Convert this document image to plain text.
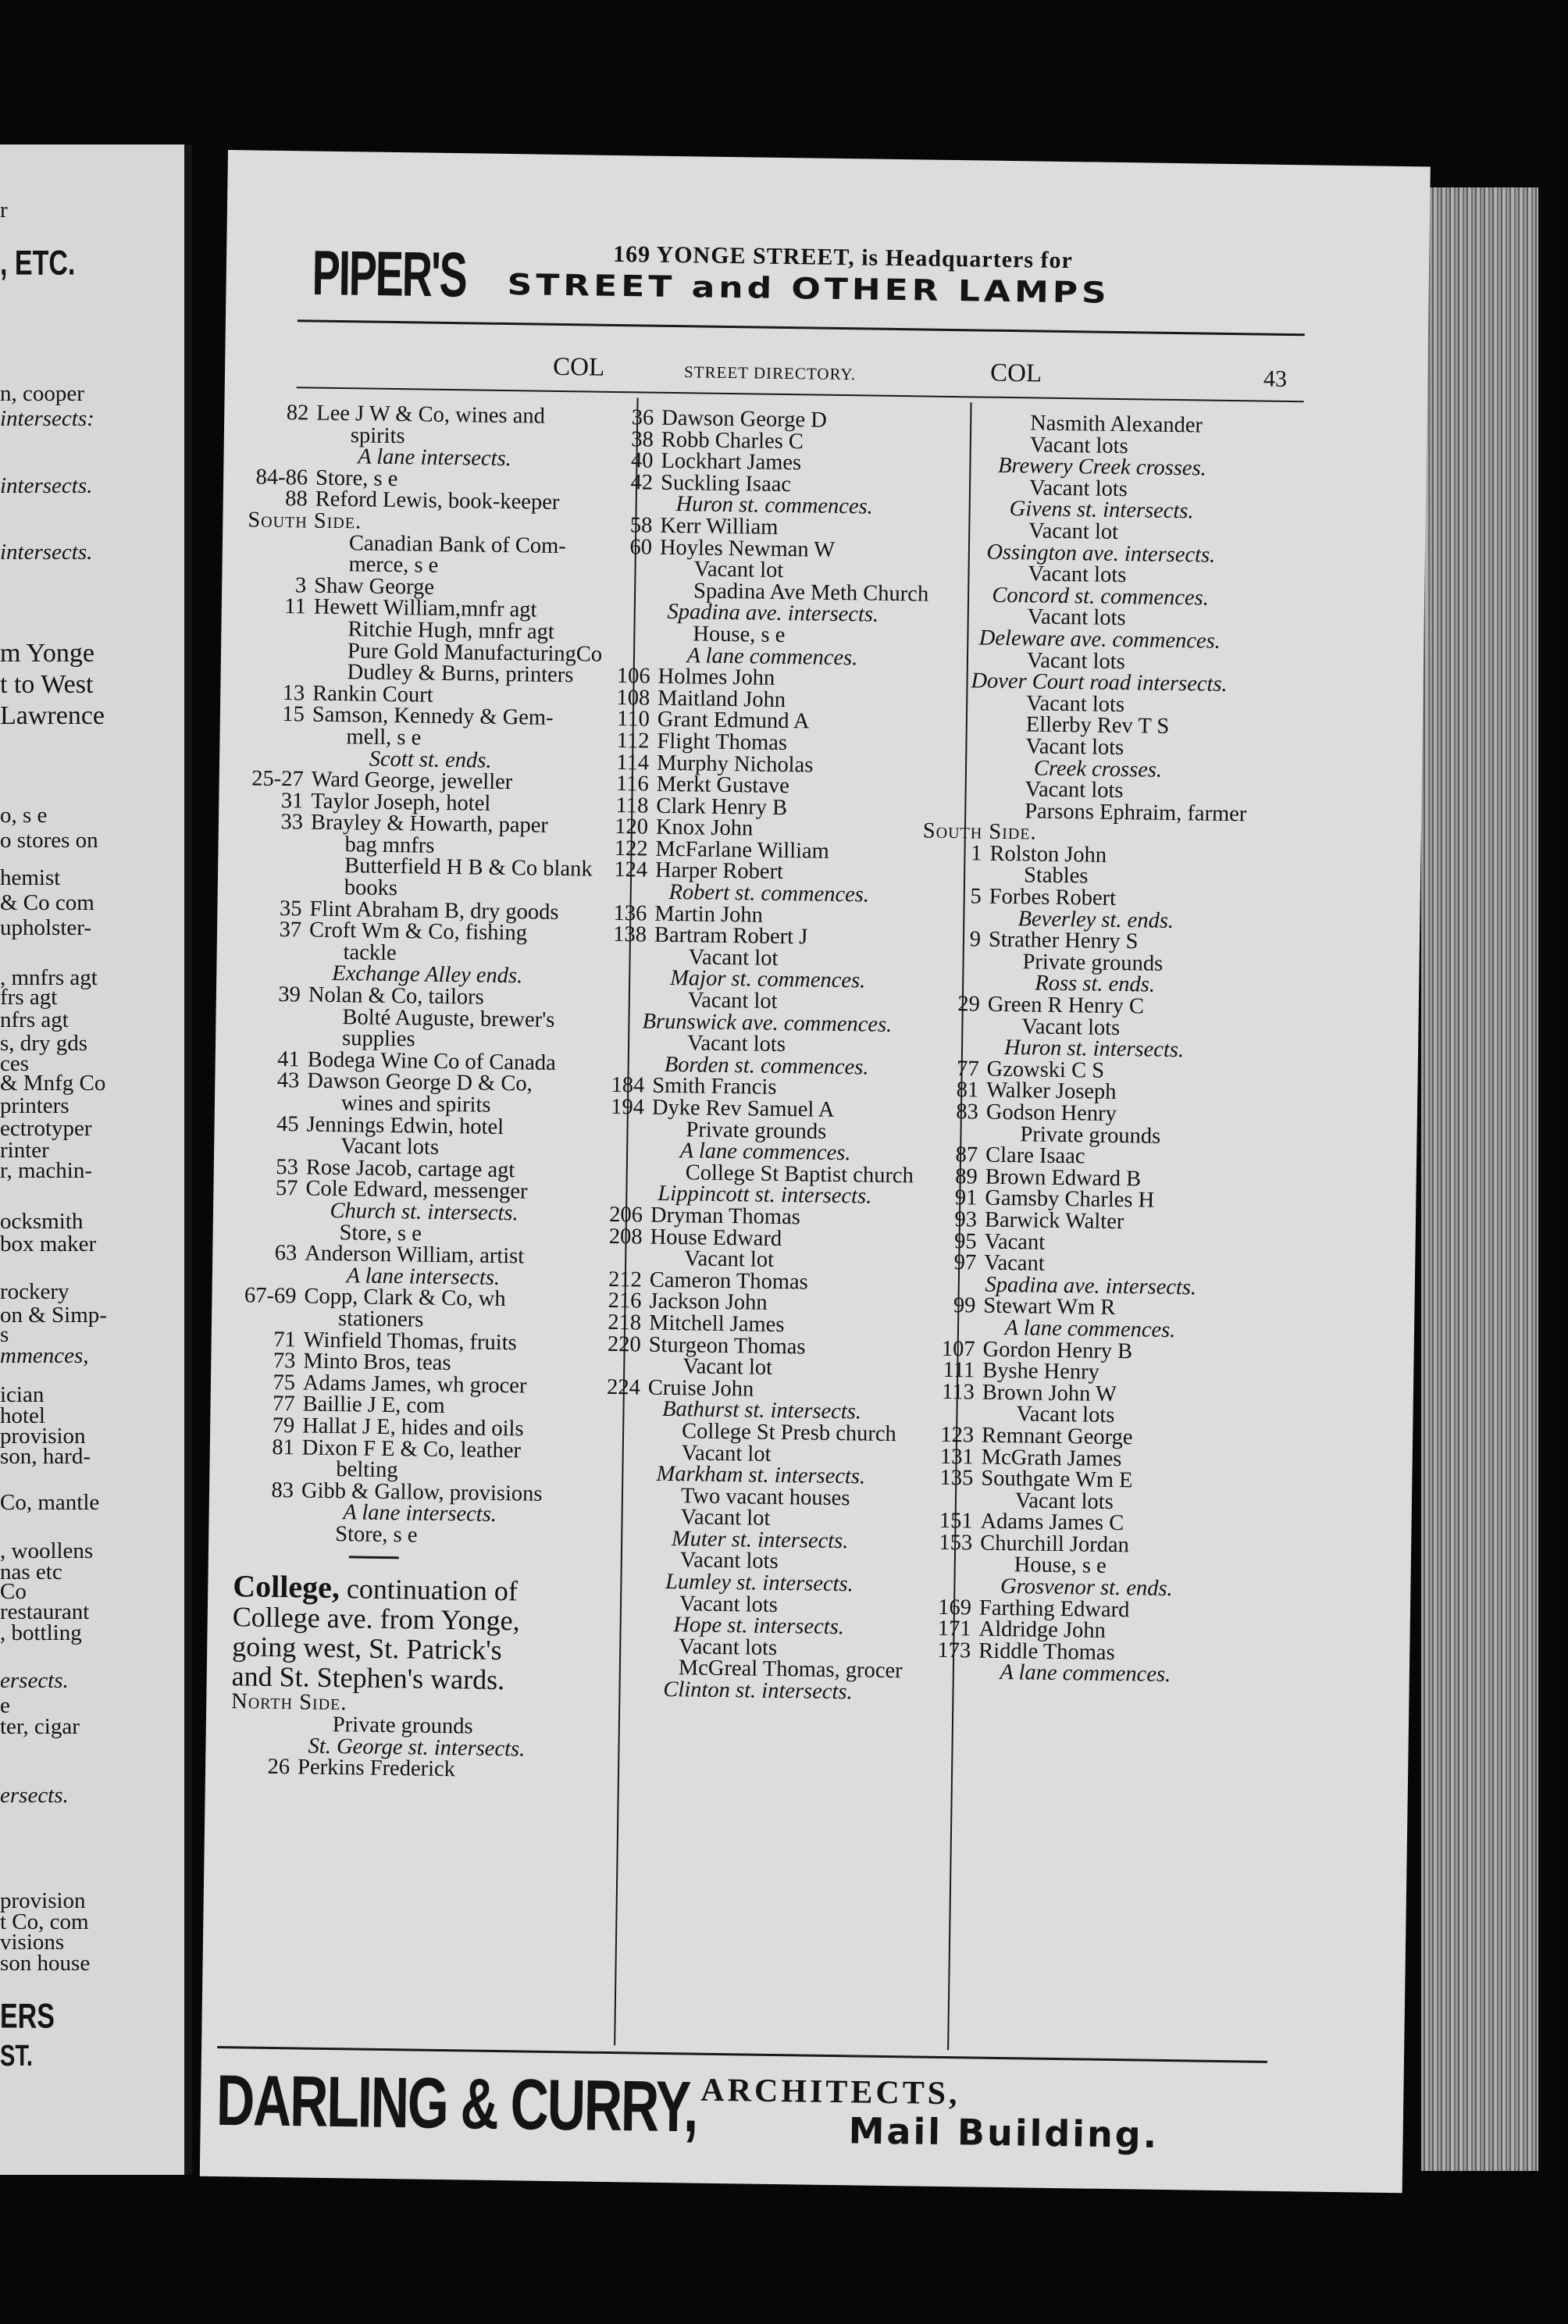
r
, ETC.
n, cooper
intersects:
intersects.
intersects.
m Yonge
t to West
Lawrence
o, s e
o stores on
hemist
& Co com
upholster-
, mnfrs agt
frs agt
nfrs agt
s, dry gds
ces
& Mnfg Co
printers
ectrotyper
rinter
r, machin-
ocksmith
box maker
rockery
on & Simp-
s
mmences,
ician
hotel
provision
son, hard-
Co, mantle
, woollens
nas etc
Co
restaurant
, bottling
ersects.
e
ter, cigar
ersects.
provision
t Co, com
visions
son house
ERS
ST.
PIPER'S	169 YONGE STREET, is Headquarters for
STREET and OTHER LAMPS
COL	STREET DIRECTORY.	COL	43
82 Lee J W & Co, wines and
spirits
A lane intersects.
84-86 Store, s e
88 Reford Lewis, book-keeper
South Side.
Canadian Bank of Com-
merce, s e
3 Shaw George
11 Hewett William,mnfr agt
Ritchie Hugh, mnfr agt
Pure Gold ManufacturingCo
Dudley & Burns, printers
13 Rankin Court
15 Samson, Kennedy & Gem-
mell, s e
Scott st. ends.
25-27 Ward George, jeweller
31 Taylor Joseph, hotel
33 Brayley & Howarth, paper
bag mnfrs
Butterfield H B & Co blank
books
35 Flint Abraham B, dry goods
37 Croft Wm & Co, fishing
tackle
Exchange Alley ends.
39 Nolan & Co, tailors
Bolté Auguste, brewer's
supplies
41 Bodega Wine Co of Canada
43 Dawson George D & Co,
wines and spirits
45 Jennings Edwin, hotel
Vacant lots
53 Rose Jacob, cartage agt
57 Cole Edward, messenger
Church st. intersects.
Store, s e
63 Anderson William, artist
A lane intersects.
67-69 Copp, Clark & Co, wh
stationers
71 Winfield Thomas, fruits
73 Minto Bros, teas
75 Adams James, wh grocer
77 Baillie J E, com
79 Hallat J E, hides and oils
81 Dixon F E & Co, leather
belting
83 Gibb & Gallow, provisions
A lane intersects.
Store, s e
College, continuation of
College ave. from Yonge,
going west, St. Patrick's
and St. Stephen's wards.
North Side.
Private grounds
St. George st. intersects.
26 Perkins Frederick
36 Dawson George D
38 Robb Charles C
40 Lockhart James
42 Suckling Isaac
Huron st. commences.
58 Kerr William
60 Hoyles Newman W
Vacant lot
Spadina Ave Meth Church
Spadina ave. intersects.
House, s e
A lane commences.
106 Holmes John
108 Maitland John
110 Grant Edmund A
112 Flight Thomas
114 Murphy Nicholas
116 Merkt Gustave
118 Clark Henry B
120 Knox John
122 McFarlane William
124 Harper Robert
Robert st. commences.
136 Martin John
138 Bartram Robert J
Vacant lot
Major st. commences.
Vacant lot
Brunswick ave. commences.
Vacant lots
Borden st. commences.
184 Smith Francis
194 Dyke Rev Samuel A
Private grounds
A lane commences.
College St Baptist church
Lippincott st. intersects.
206 Dryman Thomas
208 House Edward
Vacant lot
212 Cameron Thomas
216 Jackson John
218 Mitchell James
220 Sturgeon Thomas
Vacant lot
224 Cruise John
Bathurst st. intersects.
College St Presb church
Vacant lot
Markham st. intersects.
Two vacant houses
Vacant lot
Muter st. intersects.
Vacant lots
Lumley st. intersects.
Vacant lots
Hope st. intersects.
Vacant lots
McGreal Thomas, grocer
Clinton st. intersects.
Nasmith Alexander
Vacant lots
Brewery Creek crosses.
Vacant lots
Givens st. intersects.
Vacant lot
Ossington ave. intersects.
Vacant lots
Concord st. commences.
Vacant lots
Deleware ave. commences.
Vacant lots
Dover Court road intersects.
Vacant lots
Ellerby Rev T S
Vacant lots
Creek crosses.
Vacant lots
Parsons Ephraim, farmer
South Side.
1 Rolston John
Stables
5 Forbes Robert
Beverley st. ends.
9 Strather Henry S
Private grounds
Ross st. ends.
29 Green R Henry C
Vacant lots
Huron st. intersects.
77 Gzowski C S
81 Walker Joseph
83 Godson Henry
Private grounds
87 Clare Isaac
89 Brown Edward B
91 Gamsby Charles H
93 Barwick Walter
95 Vacant
97 Vacant
Spadina ave. intersects.
99 Stewart Wm R
A lane commences.
107 Gordon Henry B
111 Byshe Henry
113 Brown John W
Vacant lots
123 Remnant George
131 McGrath James
135 Southgate Wm E
Vacant lots
151 Adams James C
153 Churchill Jordan
House, s e
Grosvenor st. ends.
169 Farthing Edward
171 Aldridge John
173 Riddle Thomas
A lane commences.
DARLING & CURRY, ARCHITECTS,
Mail Building.
